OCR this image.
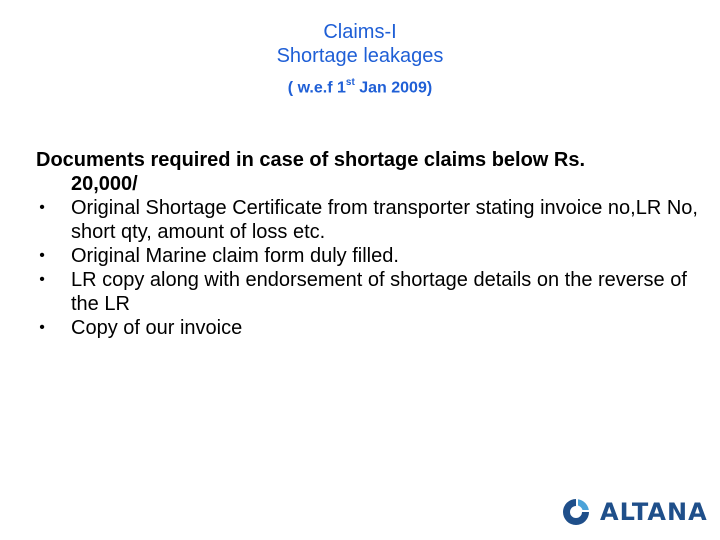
Claims-I
Shortage leakages
( w.e.f 1st Jan 2009)
Documents required in case of shortage claims below Rs.
20,000/
•	Original Shortage Certificate from transporter stating invoice no,LR No, short qty, amount of loss etc.
•	Original Marine claim form duly filled.
•	LR copy along with endorsement of shortage details on the reverse of the LR
•	Copy of our invoice
ALTANA
